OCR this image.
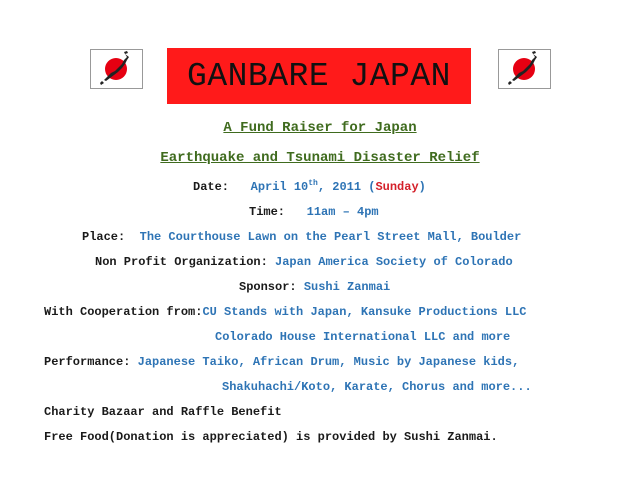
GANBARE JAPAN
A Fund Raiser for Japan
Earthquake and Tsunami Disaster Relief
Date: April 10th, 2011 (Sunday)
Time: 11am – 4pm
Place: The Courthouse Lawn on the Pearl Street Mall, Boulder
Non Profit Organization: Japan America Society of Colorado
Sponsor: Sushi Zanmai
With Cooperation from:CU Stands with Japan, Kansuke Productions LLC
Colorado House International LLC and more
Performance: Japanese Taiko, African Drum, Music by Japanese kids,
Shakuhachi/Koto, Karate, Chorus and more...
Charity Bazaar and Raffle Benefit
Free Food(Donation is appreciated) is provided by Sushi Zanmai.
